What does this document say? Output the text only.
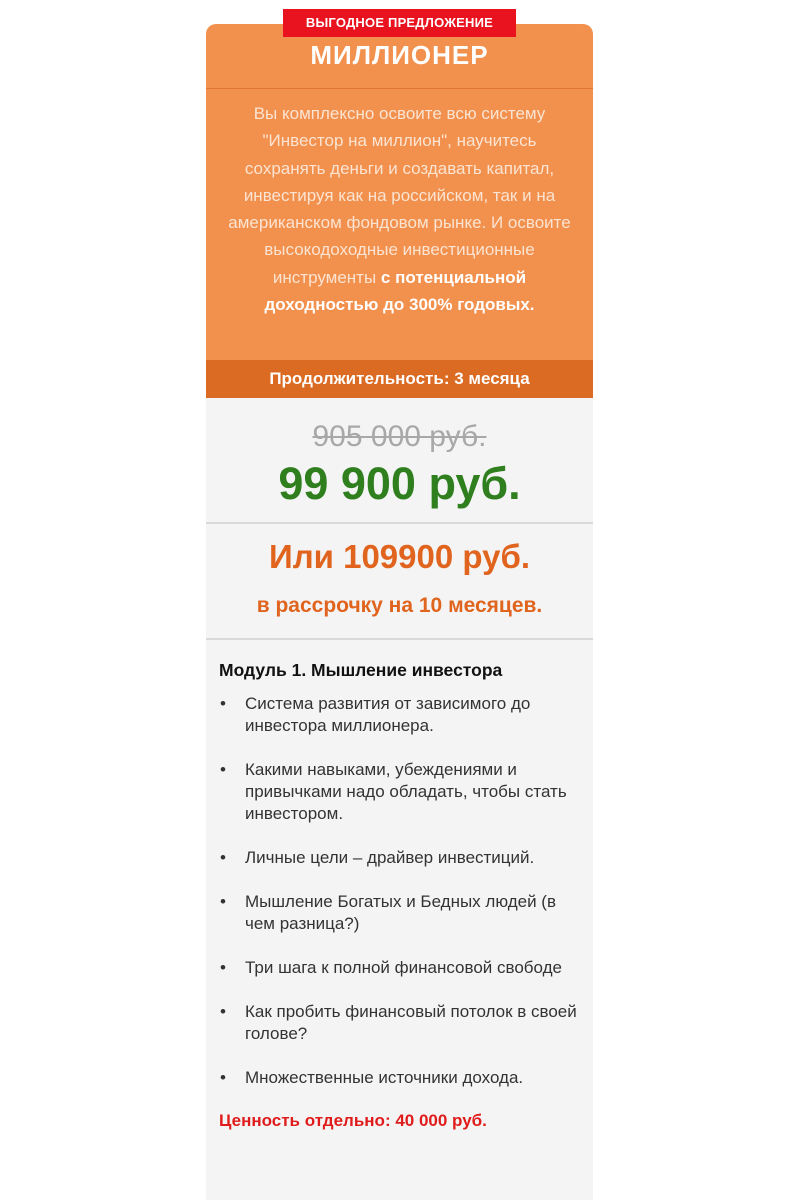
ВЫГОДНОЕ ПРЕДЛОЖЕНИЕ
МИЛЛИОНЕР
Вы комплексно освоите всю систему "Инвестор на миллион", научитесь сохранять деньги и создавать капитал, инвестируя как на российском, так и на американском фондовом рынке. И освоите высокодоходные инвестиционные инструменты с потенциальной доходностью до 300% годовых.
Продолжительность: 3 месяца
905 000 руб.
99 900 руб.
Или 109900 руб.
в рассрочку на 10 месяцев.
Модуль 1. Мышление инвестора
• Система развития от зависимого до инвестора миллионера.
• Какими навыками, убеждениями и привычками надо обладать, чтобы стать инвестором.
• Личные цели – драйвер инвестиций.
• Мышление Богатых и Бедных людей (в чем разница?)
• Три шага к полной финансовой свободе
• Как пробить финансовый потолок в своей голове?
• Множественные источники дохода.
Ценность отдельно: 40 000 руб.
